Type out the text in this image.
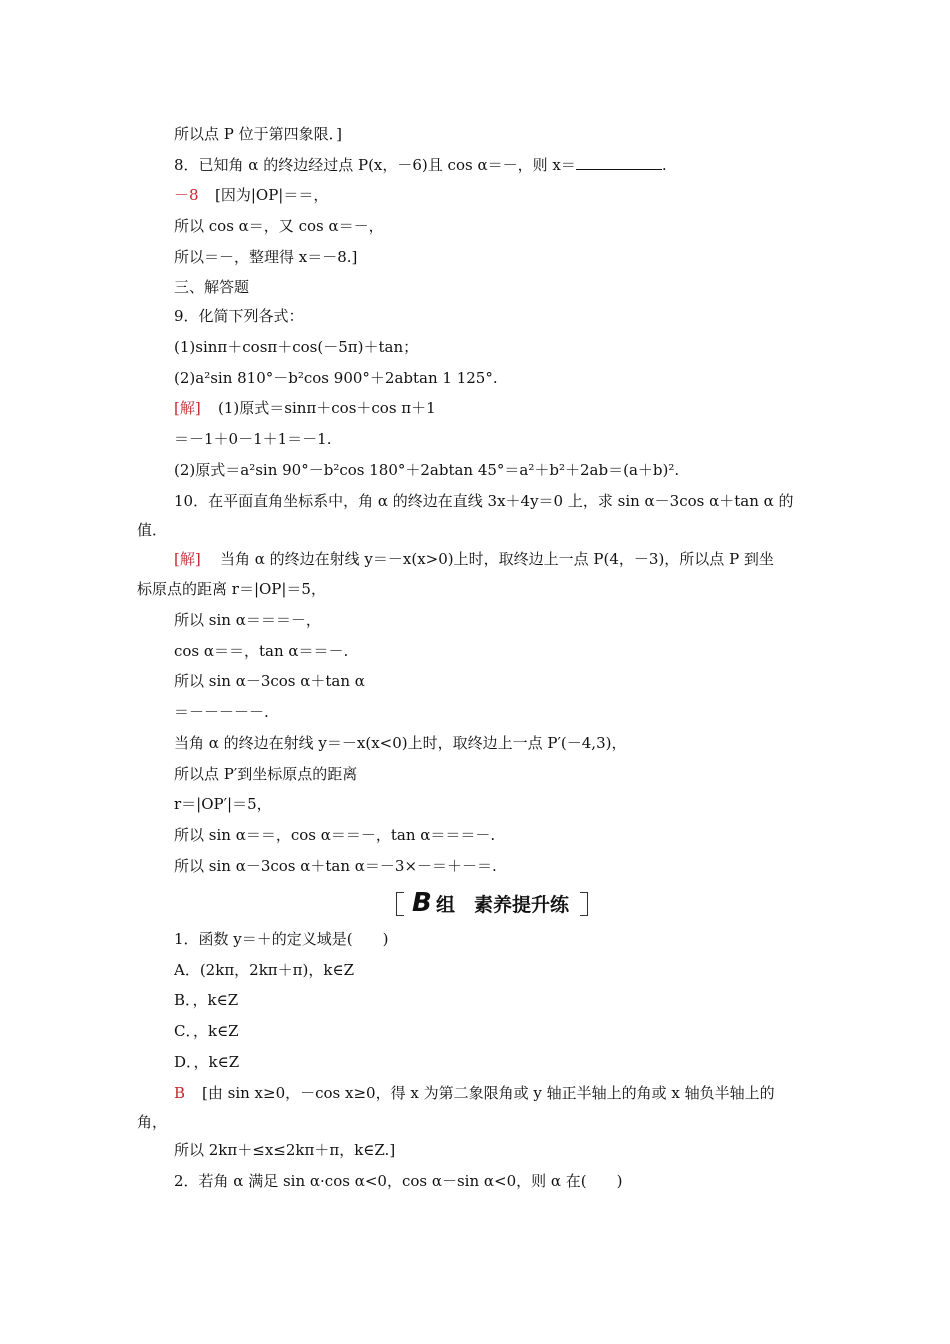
B 组　素养提升练
所以点 P 位于第四象限．]
8．已知角 α 的终边经过点 P(x，－6)且 cos α＝－，则 x＝	.
－8 [因为|OP|＝＝，
所以 cos α＝，又 cos α＝－，
所以＝－，整理得 x＝－8.]
三、解答题
9．化简下列各式：
(1)sinπ＋cosπ＋cos(－5π)＋tan；
(2)a²sin 810°－b²cos 900°＋2abtan 1 125°.
[解] (1)原式＝sinπ＋cos＋cos π＋1
＝－1＋0－1＋1＝－1.
(2)原式＝a²sin 90°－b²cos 180°＋2abtan 45°＝a²＋b²＋2ab＝(a＋b)².
10．在平面直角坐标系中，角 α 的终边在直线 3x＋4y＝0 上，求 sin α－3cos α＋tan α 的
值．
[解] 当角 α 的终边在射线 y＝－x(x>0)上时，取终边上一点 P(4，－3)，所以点 P 到坐
标原点的距离 r＝|OP|＝5，
所以 sin α＝＝＝－，
cos α＝＝，tan α＝＝－.
所以 sin α－3cos α＋tan α
＝－－－－－.
当角 α 的终边在射线 y＝－x(x<0)上时，取终边上一点 P′(－4,3)，
所以点 P′到坐标原点的距离
r＝|OP′|＝5，
所以 sin α＝＝，cos α＝＝－，tan α＝＝＝－.
所以 sin α－3cos α＋tan α＝－3×－＝＋－＝.
1．函数 y＝＋的定义域是(　　)
A．(2kπ，2kπ＋π)，k∈Z
B．，k∈Z
C．，k∈Z
D．，k∈Z
B [由 sin x≥0，－cos x≥0，得 x 为第二象限角或 y 轴正半轴上的角或 x 轴负半轴上的
角，
所以 2kπ＋≤x≤2kπ＋π，k∈Z.]
2．若角 α 满足 sin α·cos α<0，cos α－sin α<0，则 α 在(　　)
